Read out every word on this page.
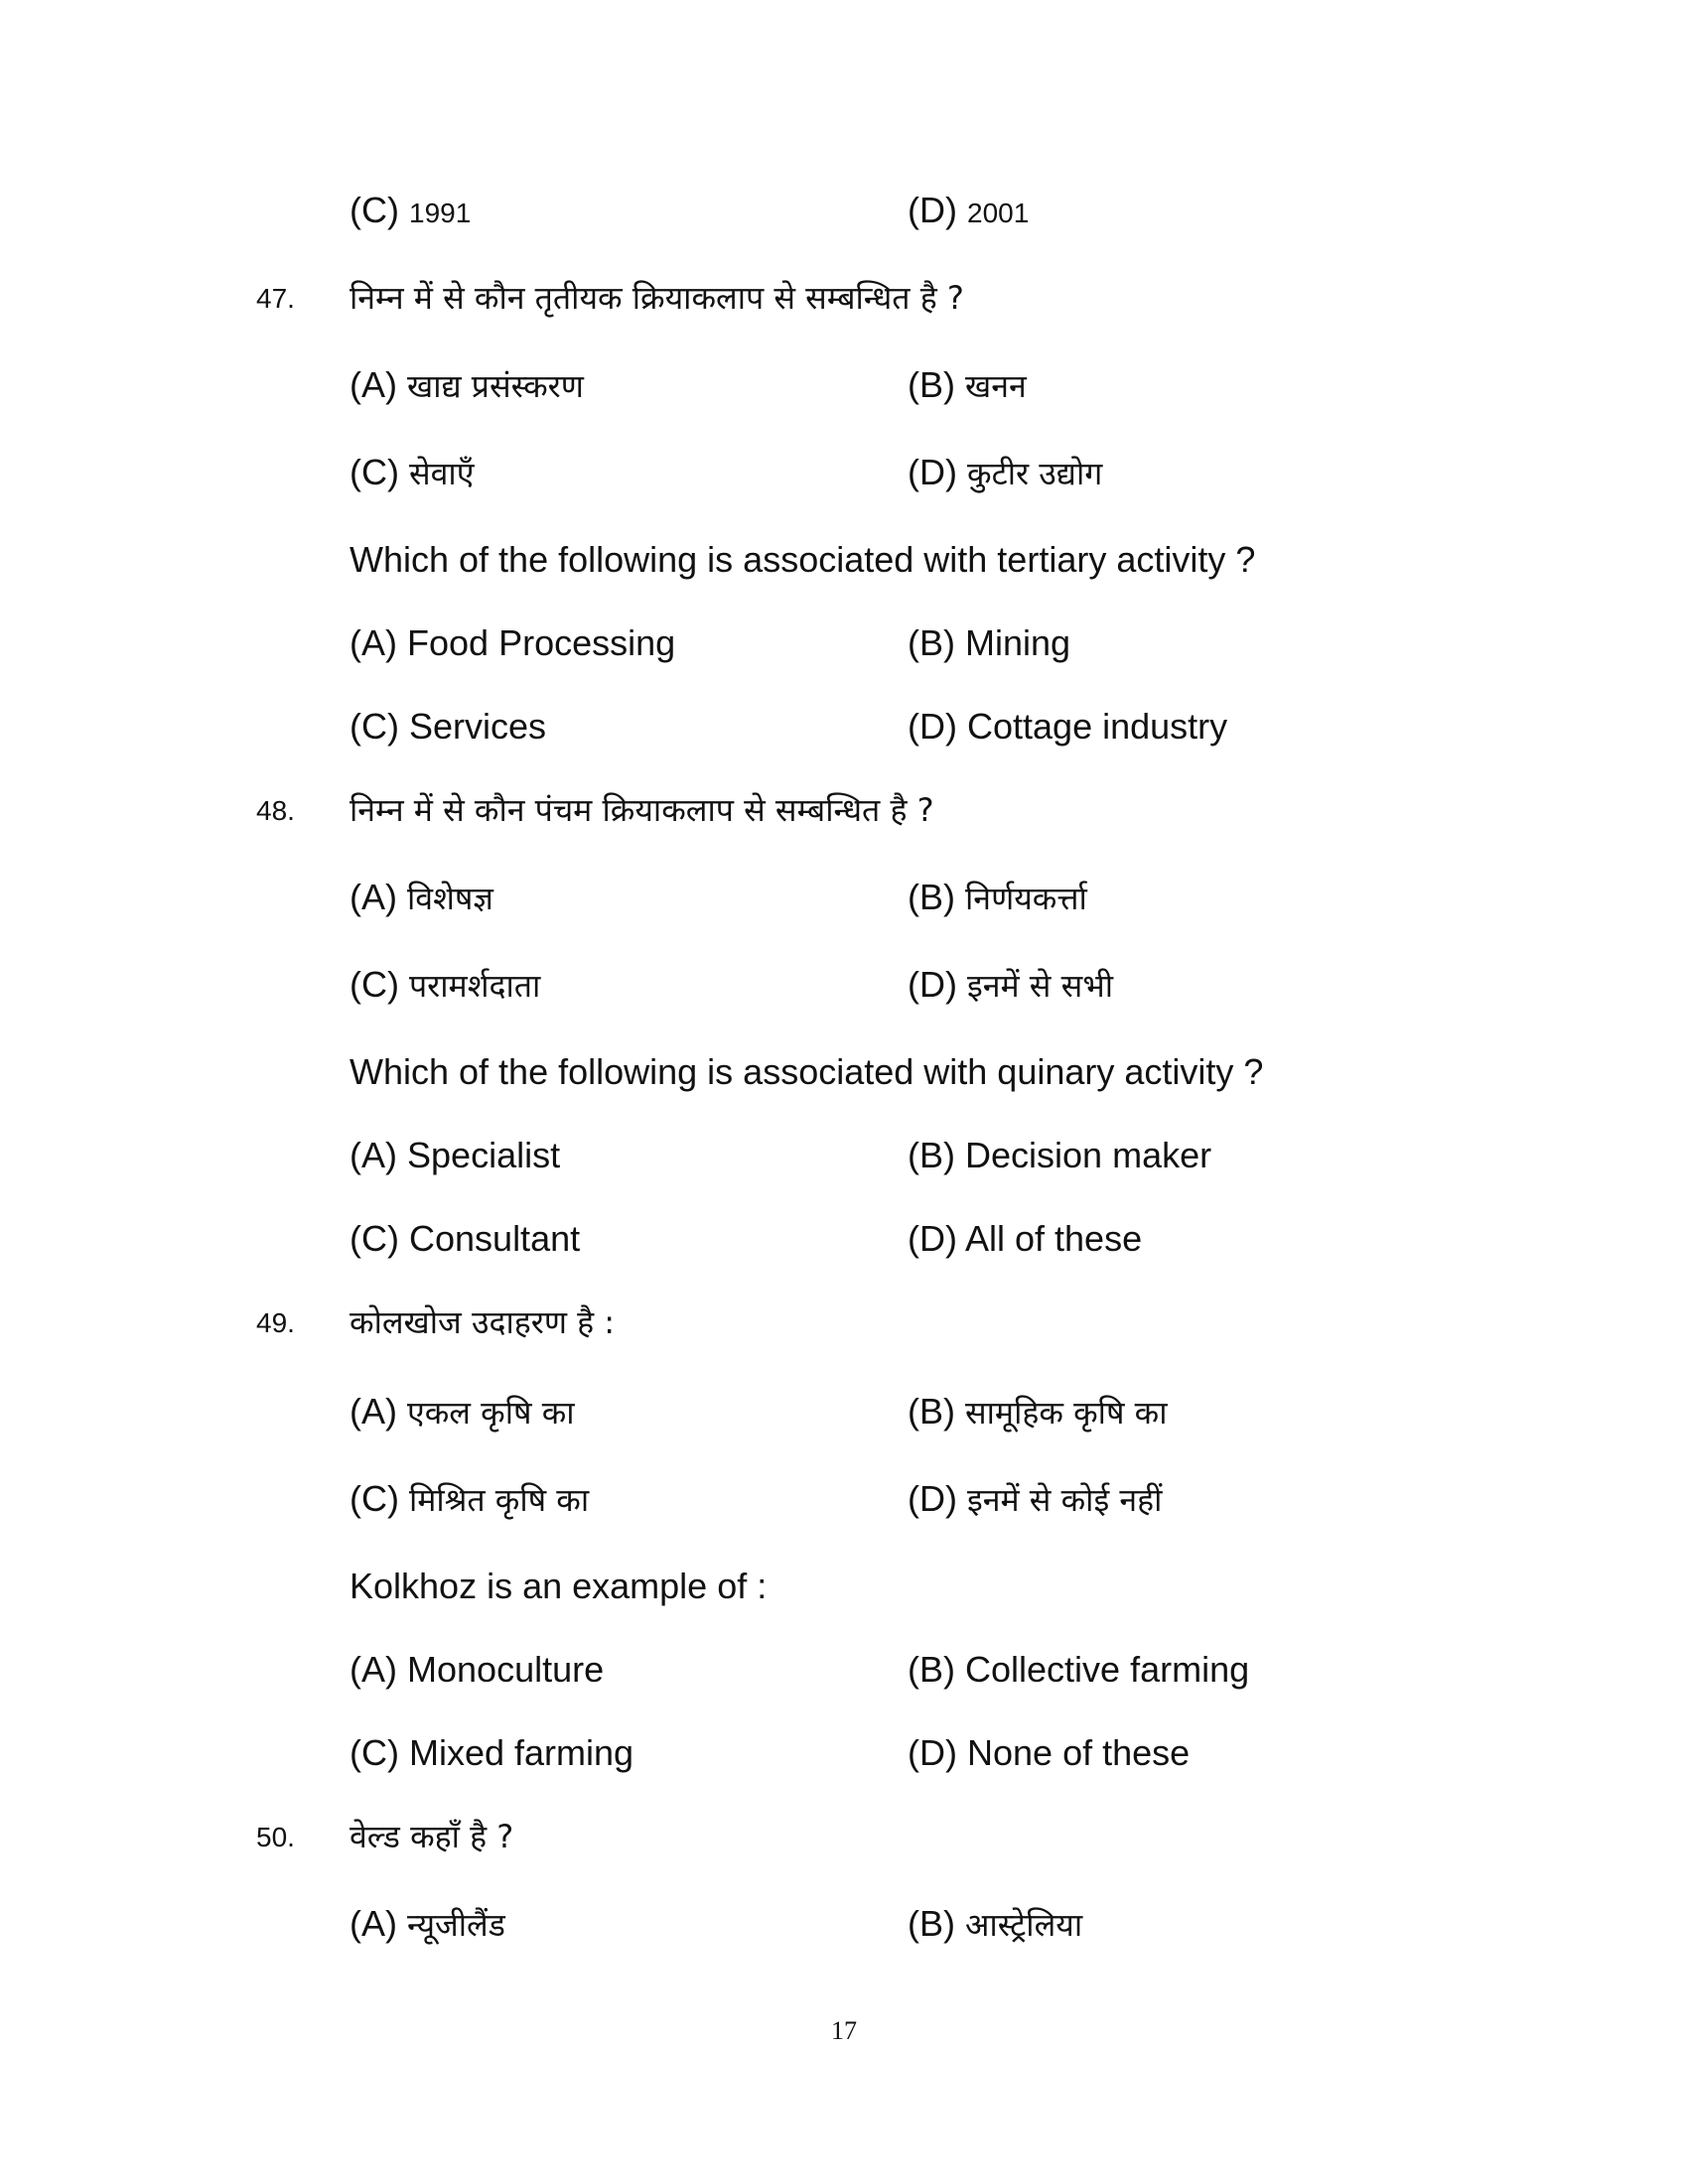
(C) 1991	(D) 2001
47. निम्न में से कौन तृतीयक क्रियाकलाप से सम्बन्धित है ?
(A) खाद्य प्रसंस्करण	(B) खनन
(C) सेवाएँ	(D) कुटीर उद्योग
Which of the following is associated with tertiary activity ?
(A) Food Processing	(B) Mining
(C) Services	(D) Cottage industry
48. निम्न में से कौन पंचम क्रियाकलाप से सम्बन्धित है ?
(A) विशेषज्ञ	(B) निर्णयकर्त्ता
(C) परामर्शदाता	(D) इनमें से सभी
Which of the following is associated with quinary activity ?
(A) Specialist	(B) Decision maker
(C) Consultant	(D) All of these
49. कोलखोज उदाहरण है :
(A) एकल कृषि का	(B) सामूहिक कृषि का
(C) मिश्रित कृषि का	(D) इनमें से कोई नहीं
Kolkhoz is an example of :
(A) Monoculture	(B) Collective farming
(C) Mixed farming	(D) None of these
50. वेल्ड कहाँ है ?
(A) न्यूजीलैंड	(B) आस्ट्रेलिया
17
